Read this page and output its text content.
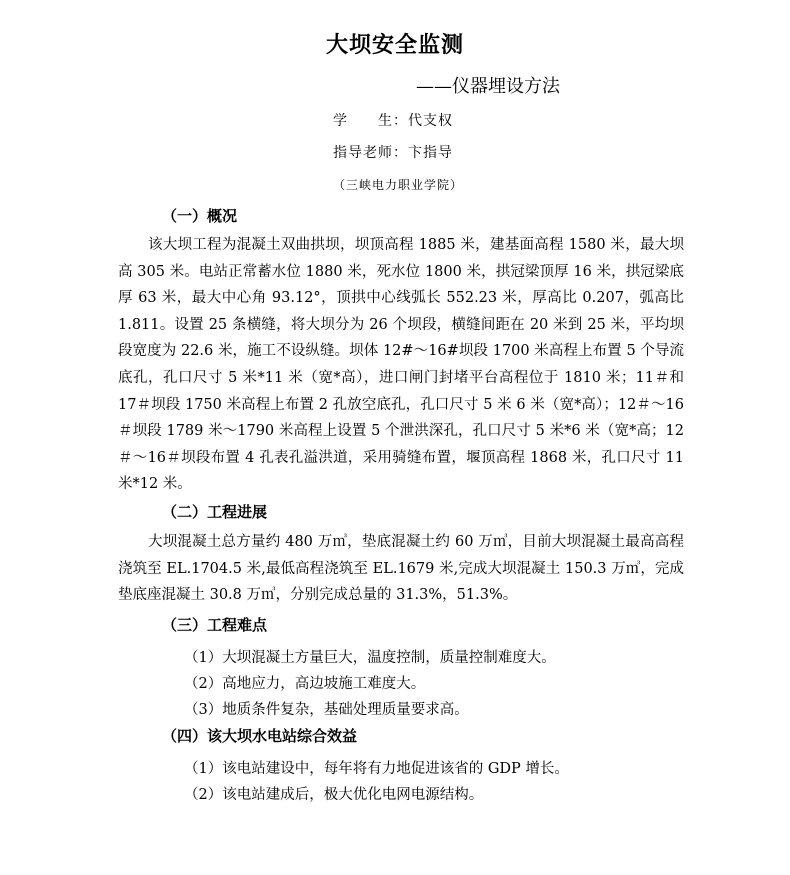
大坝安全监测
——仪器埋设方法
学　　生：代支权
指导老师：卞指导
（三峡电力职业学院）
（一）概况

该大坝工程为混凝土双曲拱坝，坝顶高程 1885 米，建基面高程 1580 米，最大坝高 305 米。电站正常蓄水位 1880 米，死水位 1800 米，拱冠梁顶厚 16 米，拱冠梁底厚 63 米，最大中心角 93.12°，顶拱中心线弧长 552.23 米，厚高比 0.207，弧高比 1.811。设置 25 条横缝，将大坝分为 26 个坝段，横缝间距在 20 米到 25 米，平均坝段宽度为 22.6 米，施工不设纵缝。坝体 12#～16#坝段 1700 米高程上布置 5 个导流底孔，孔口尺寸 5 米*11 米（宽*高），进口闸门封堵平台高程位于 1810 米；11＃和 17＃坝段 1750 米高程上布置 2 孔放空底孔，孔口尺寸 5 米 6 米（宽*高）；12＃～16＃坝段 1789 米～1790 米高程上设置 5 个泄洪深孔，孔口尺寸 5 米*6 米（宽*高；12＃～16＃坝段布置 4 孔表孔溢洪道，采用骑缝布置，堰顶高程 1868 米，孔口尺寸 11 米*12 米。

（二）工程进展

大坝混凝土总方量约 480 万㎥，垫底混凝土约 60 万㎥，目前大坝混凝土最高高程浇筑至 EL.1704.5 米,最低高程浇筑至 EL.1679 米,完成大坝混凝土 150.3 万㎥，完成垫底座混凝土 30.8 万㎥，分别完成总量的 31.3%，51.3%。

（三）工程难点
（1）大坝混凝土方量巨大，温度控制，质量控制难度大。
（2）高地应力，高边坡施工难度大。
（3）地质条件复杂，基础处理质量要求高。
（四）该大坝水电站综合效益
（1）该电站建设中，每年将有力地促进该省的 GDP 增长。
（2）该电站建成后，极大优化电网电源结构。
